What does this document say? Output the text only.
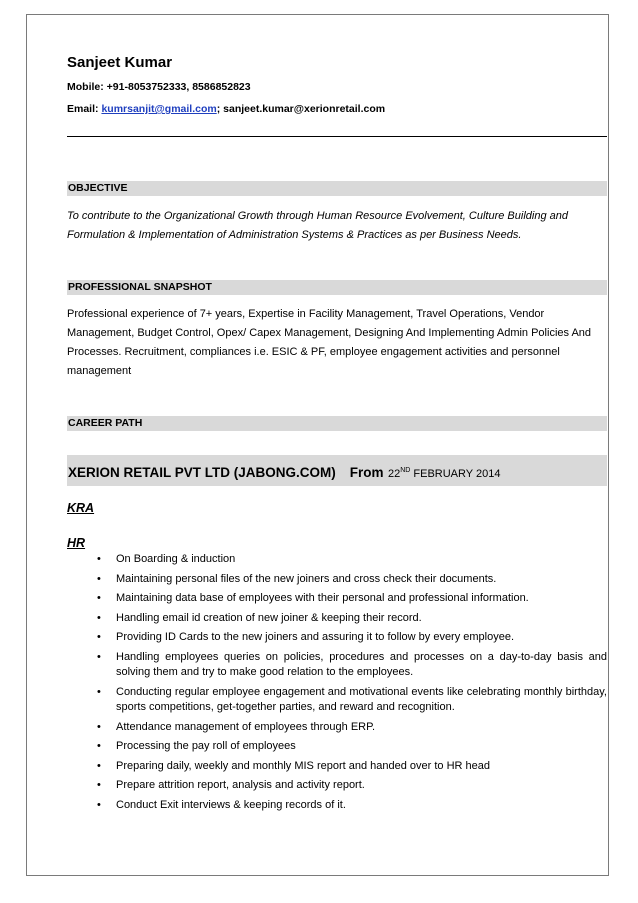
Sanjeet Kumar
Mobile: +91-8053752333, 8586852823
Email: kumrsanjit@gmail.com; sanjeet.kumar@xerionretail.com
OBJECTIVE
To contribute to the Organizational Growth through Human Resource Evolvement, Culture Building and Formulation & Implementation of Administration Systems & Practices as per Business Needs.
PROFESSIONAL SNAPSHOT
Professional experience of 7+ years, Expertise in Facility Management, Travel Operations, Vendor Management, Budget Control, Opex/ Capex Management, Designing And Implementing Admin Policies And Processes. Recruitment, compliances i.e. ESIC & PF, employee engagement activities and personnel management
CAREER PATH
XERION RETAIL PVT LTD (JABONG.COM) From 22ND FEBRUARY 2014
KRA
HR
• On Boarding & induction
• Maintaining personal files of the new joiners and cross check their documents.
• Maintaining data base of employees with their personal and professional information.
• Handling email id creation of new joiner & keeping their record.
• Providing ID Cards to the new joiners and assuring it to follow by every employee.
• Handling employees queries on policies, procedures and processes on a day-to-day basis and solving them and try to make good relation to the employees.
• Conducting regular employee engagement and motivational events like celebrating monthly birthday, sports competitions, get-together parties, and reward and recognition.
• Attendance management of employees through ERP.
• Processing the pay roll of employees
• Preparing daily, weekly and monthly MIS report and handed over to HR head
• Prepare attrition report, analysis and activity report.
• Conduct Exit interviews & keeping records of it.
